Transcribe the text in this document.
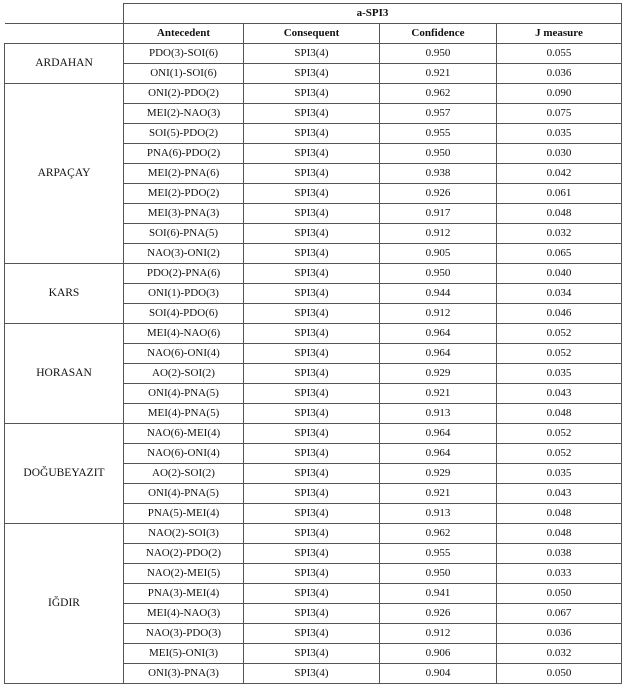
	a-SPI3			
	Antecedent	Consequent	Confidence	J measure
ARDAHAN	PDO(3)-SOI(6)	SPI3(4)	0.950	0.055
	ONI(1)-SOI(6)	SPI3(4)	0.921	0.036
ARPAÇAY	ONI(2)-PDO(2)	SPI3(4)	0.962	0.090
	MEI(2)-NAO(3)	SPI3(4)	0.957	0.075
	SOI(5)-PDO(2)	SPI3(4)	0.955	0.035
	PNA(6)-PDO(2)	SPI3(4)	0.950	0.030
	MEI(2)-PNA(6)	SPI3(4)	0.938	0.042
	MEI(2)-PDO(2)	SPI3(4)	0.926	0.061
	MEI(3)-PNA(3)	SPI3(4)	0.917	0.048
	SOI(6)-PNA(5)	SPI3(4)	0.912	0.032
	NAO(3)-ONI(2)	SPI3(4)	0.905	0.065
KARS	PDO(2)-PNA(6)	SPI3(4)	0.950	0.040
	ONI(1)-PDO(3)	SPI3(4)	0.944	0.034
	SOI(4)-PDO(6)	SPI3(4)	0.912	0.046
HORASAN	MEI(4)-NAO(6)	SPI3(4)	0.964	0.052
	NAO(6)-ONI(4)	SPI3(4)	0.964	0.052
	AO(2)-SOI(2)	SPI3(4)	0.929	0.035
	ONI(4)-PNA(5)	SPI3(4)	0.921	0.043
	MEI(4)-PNA(5)	SPI3(4)	0.913	0.048
DOĞUBEYAZIT	NAO(6)-MEI(4)	SPI3(4)	0.964	0.052
	NAO(6)-ONI(4)	SPI3(4)	0.964	0.052
	AO(2)-SOI(2)	SPI3(4)	0.929	0.035
	ONI(4)-PNA(5)	SPI3(4)	0.921	0.043
	PNA(5)-MEI(4)	SPI3(4)	0.913	0.048
IĞDIR	NAO(2)-SOI(3)	SPI3(4)	0.962	0.048
	NAO(2)-PDO(2)	SPI3(4)	0.955	0.038
	NAO(2)-MEI(5)	SPI3(4)	0.950	0.033
	PNA(3)-MEI(4)	SPI3(4)	0.941	0.050
	MEI(4)-NAO(3)	SPI3(4)	0.926	0.067
	NAO(3)-PDO(3)	SPI3(4)	0.912	0.036
	MEI(5)-ONI(3)	SPI3(4)	0.906	0.032
	ONI(3)-PNA(3)	SPI3(4)	0.904	0.050
